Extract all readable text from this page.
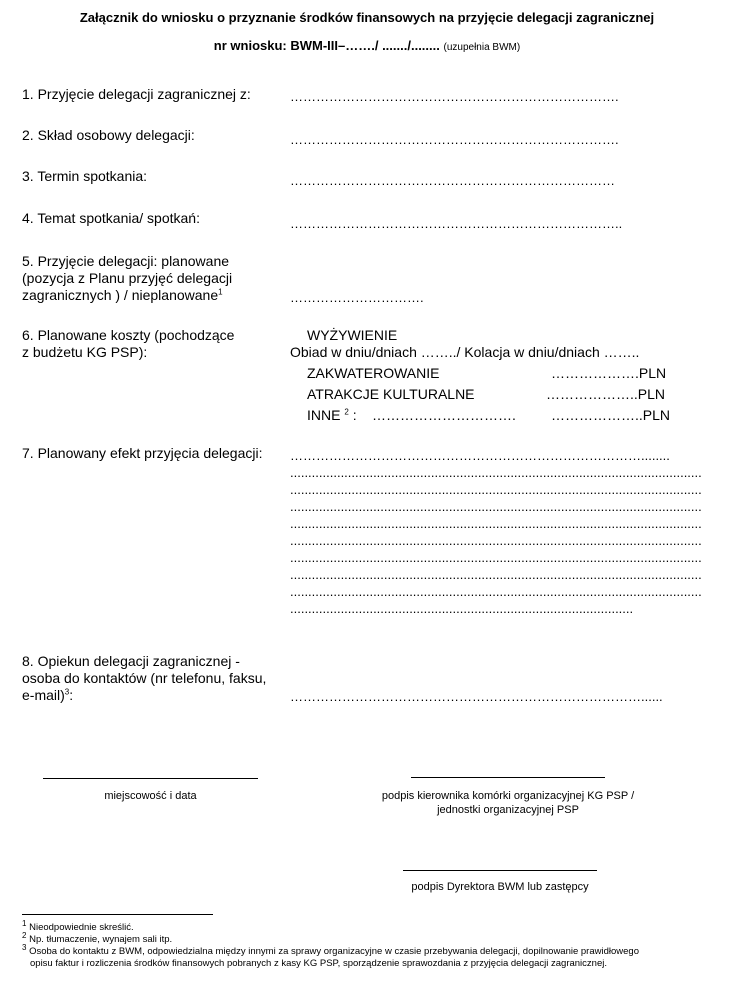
Załącznik do wniosku o przyznanie środków finansowych na przyjęcie delegacji zagranicznej
nr wniosku: BWM-III–……./ ......./........ (uzupełnia BWM)
1. Przyjęcie delegacji zagranicznej z:	………………………………………………………………….
2. Skład osobowy delegacji:	………………………………………………………………….
3. Termin spotkania:	…………………………………………………………………
4. Temat spotkania/ spotkań:	…………………………………………………………………..
5. Przyjęcie delegacji: planowane
(pozycja z Planu przyjęć delegacji
zagranicznych ) / nieplanowane$^1$	………………………….
6. Planowane koszty (pochodzące
z budżetu KG PSP):
WYŻYWIENIE
Obiad w dniu/dniach ……../ Kolacja w dniu/dniach ……..
ZAKWATEROWANIE	……………….PLN
ATRAKCJE KULTURALNE	………………..PLN
INNE $^2$ : ………………………….	………………..PLN
7. Planowany efekt przyjęcia delegacji: ………………………………………………………………………........
..................................................................................................................
..................................................................................................................
..................................................................................................................
..................................................................................................................
..................................................................................................................
..................................................................................................................
..................................................................................................................
..................................................................................................................
...............................................................................................
8. Opiekun delegacji zagranicznej -
osoba do kontaktów (nr telefonu, faksu,
e-mail)$^3$:	………………………………………………………………………......
miejscowość i data	podpis kierownika komórki organizacyjnej KG PSP /
jednostki organizacyjnej PSP
podpis Dyrektora BWM lub zastępcy
$^1$ Nieodpowiednie skreślić.
$^2$ Np. tłumaczenie, wynajem sali itp.
$^3$ Osoba do kontaktu z BWM, odpowiedzialna między innymi za sprawy organizacyjne w czasie przebywania delegacji, dopilnowanie prawidłowego
opisu faktur i rozliczenia środków finansowych pobranych z kasy KG PSP, sporządzenie sprawozdania z przyjęcia delegacji zagranicznej.
